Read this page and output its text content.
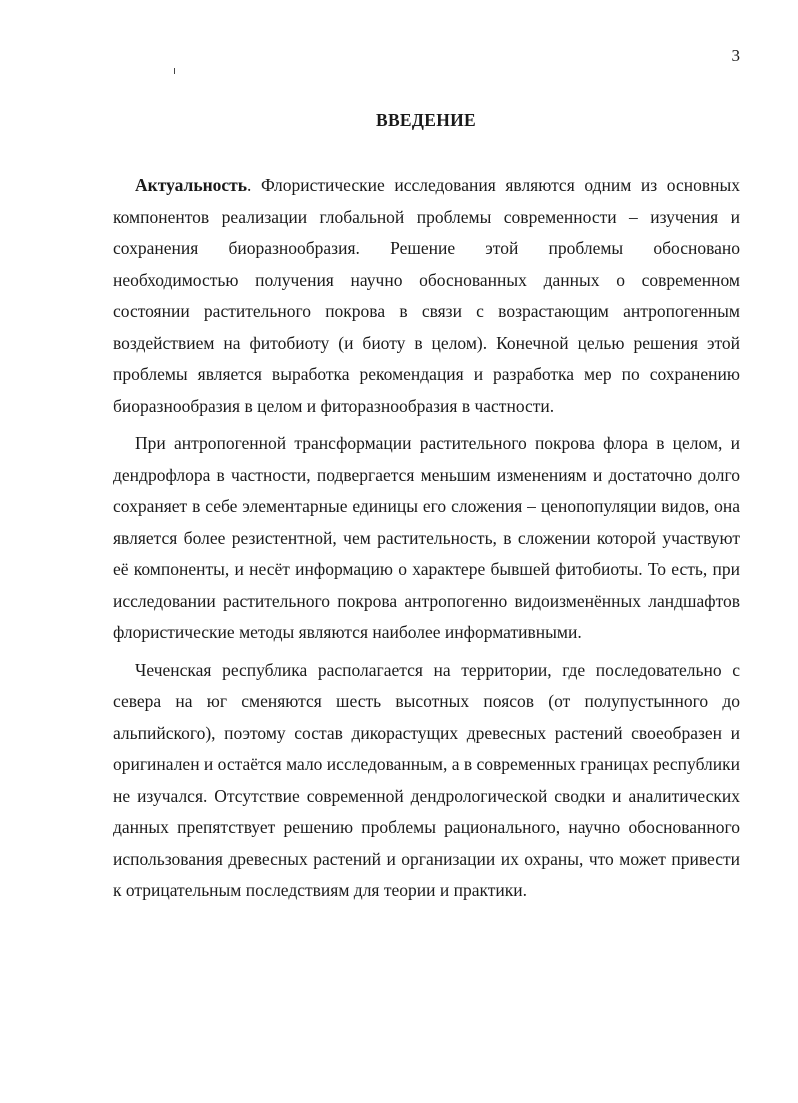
3
ВВЕДЕНИЕ

Актуальность. Флористические исследования являются одним из основных компонентов реализации глобальной проблемы современности – изучения и сохранения биоразнообразия. Решение этой проблемы обосновано необходимостью получения научно обоснованных данных о современном состоянии растительного покрова в связи с возрастающим антропогенным воздействием на фитобиоту (и биоту в целом). Конечной целью решения этой проблемы является выработка рекомендация и разработка мер по сохранению биоразнообразия в целом и фиторазнообразия в частности.

При антропогенной трансформации растительного покрова флора в целом, и дендрофлора в частности, подвергается меньшим изменениям и достаточно долго сохраняет в себе элементарные единицы его сложения – ценопопуляции видов, она является более резистентной, чем растительность, в сложении которой участвуют её компоненты, и несёт информацию о характере бывшей фитобиоты. То есть, при исследовании растительного покрова антропогенно видоизменённых ландшафтов флористические методы являются наиболее информативными.

Чеченская республика располагается на территории, где последовательно с севера на юг сменяются шесть высотных поясов (от полупустынного до альпийского), поэтому состав дикорастущих древесных растений своеобразен и оригинален и остаётся мало исследованным, а в современных границах республики не изучался. Отсутствие современной дендрологической сводки и аналитических данных препятствует решению проблемы рационального, научно обоснованного использования древесных растений и организации их охраны, что может привести к отрицательным последствиям для теории и практики.
